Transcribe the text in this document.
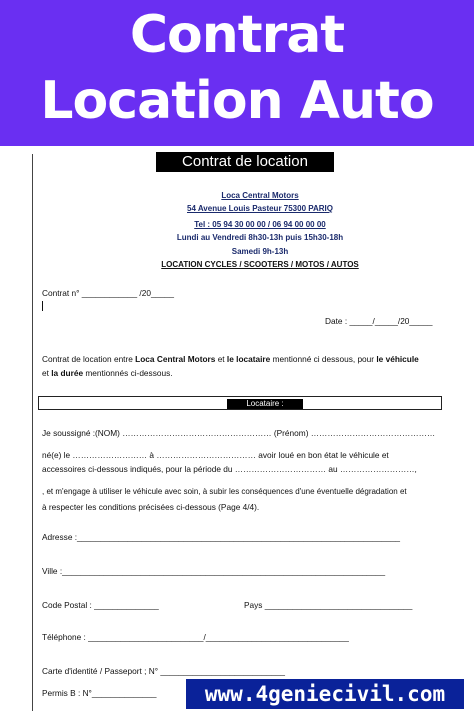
Contrat
Location Auto
Contrat de location
Loca Central Motors
54 Avenue Louis Pasteur 75300 PARIQ
Tel : 05 94 30 00 00 / 06 94 00 00 00
Lundi au Vendredi 8h30-13h puis 15h30-18h
Samedi 9h-13h
LOCATION CYCLES / SCOOTERS / MOTOS / AUTOS
Contrat n° ____________ /20_____
Date : _____/_____/20_____
Contrat de location entre Loca Central Motors et le locataire mentionné ci dessous, pour le véhicule
et la durée mentionnés ci-dessous.
Locataire :
Je soussigné :(NOM) ……………………………………………… (Prénom) ………………………………………
né(e) le ……………………… à ……………………………… avoir loué en bon état le véhicule et
accessoires ci-dessous indiqués, pour la période du …………………………… au ………………………,
, et m'engage à utiliser le véhicule avec soin, à subir les conséquences d'une éventuelle dégradation et
à respecter les conditions précisées ci-dessous (Page 4/4).
Adresse :______________________________________________________________________
Ville :______________________________________________________________________
Code Postal : ______________	Pays ________________________________
Téléphone : _________________________/_______________________________
Carte d'identité / Passeport ; N° ___________________________
Permis B : N°______________	www.4geniecivil.com
